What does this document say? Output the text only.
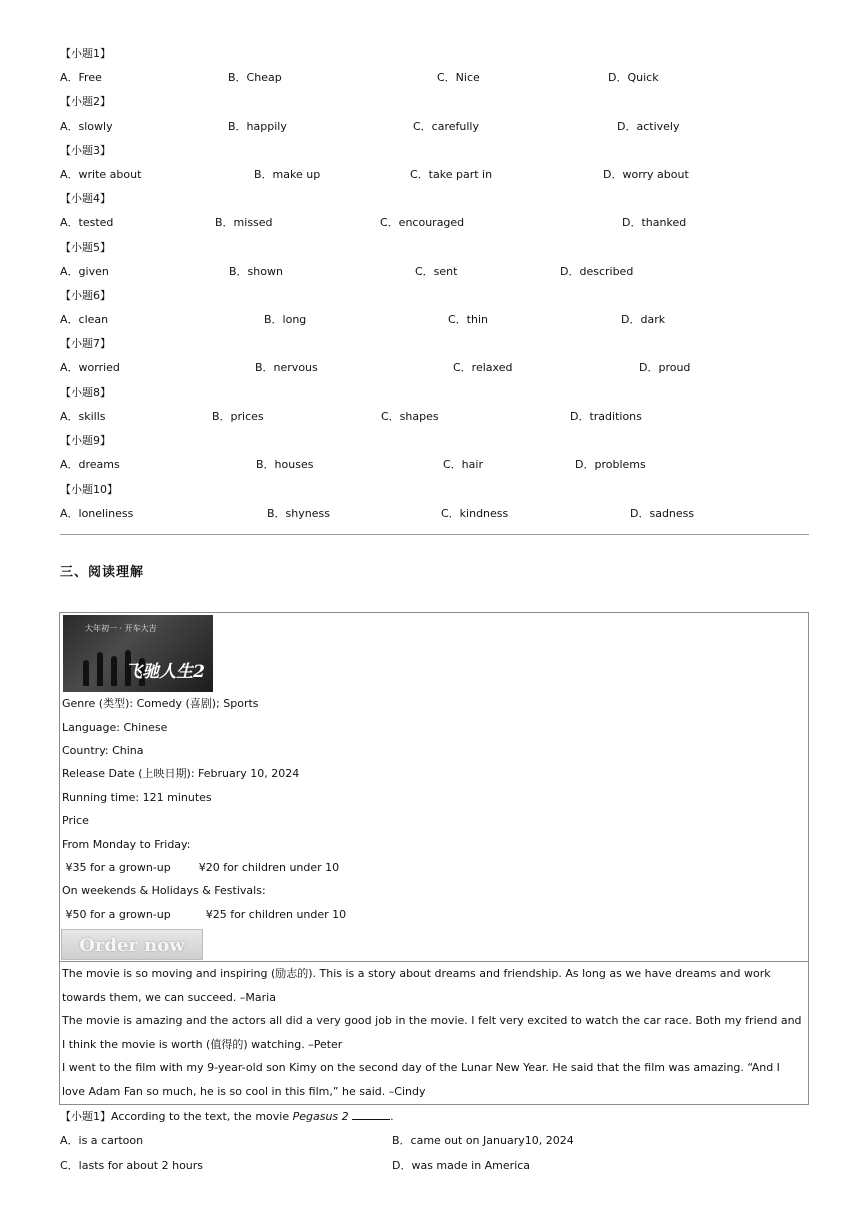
【小题1】
A．Free	B．Cheap	C．Nice	D．Quick
【小题2】
A．slowly	B．happily	C．carefully	D．actively
【小题3】
A．write about	B．make up	C．take part in	D．worry about
【小题4】
A．tested	B．missed	C．encouraged	D．thanked
【小题5】
A．given	B．shown	C．sent	D．described
【小题6】
A．clean	B．long	C．thin	D．dark
【小题7】
A．worried	B．nervous	C．relaxed	D．proud
【小题8】
A．skills	B．prices	C．shapes	D．traditions
【小题9】
A．dreams	B．houses	C．hair	D．problems
【小题10】
A．loneliness	B．shyness	C．kindness	D．sadness
三、阅读理解
大年初一 · 开车大吉
飞驰人生2
Genre (类型): Comedy (喜剧); Sports
Language: Chinese
Country: China
Release Date (上映日期): February 10, 2024
Running time: 121 minutes
Price
From Monday to Friday:
¥35 for a grown-up        ¥20 for children under 10
On weekends & Holidays & Festivals:
¥50 for a grown-up          ¥25 for children under 10
Order now
The movie is so moving and inspiring (励志的). This is a story about dreams and friendship. As long as we have dreams and work towards them, we can succeed. –Maria
The movie is amazing and the actors all did a very good job in the movie. I felt very excited to watch the car race. Both my friend and I think the movie is worth (值得的) watching. –Peter
I went to the film with my 9-year-old son Kimy on the second day of the Lunar New Year. He said that the film was amazing. “And I love Adam Fan so much, he is so cool in this film,” he said. –Cindy
【小题1】According to the text, the movie Pegasus 2	.
A．is a cartoon	B．came out on January10, 2024
C．lasts for about 2 hours	D．was made in America
